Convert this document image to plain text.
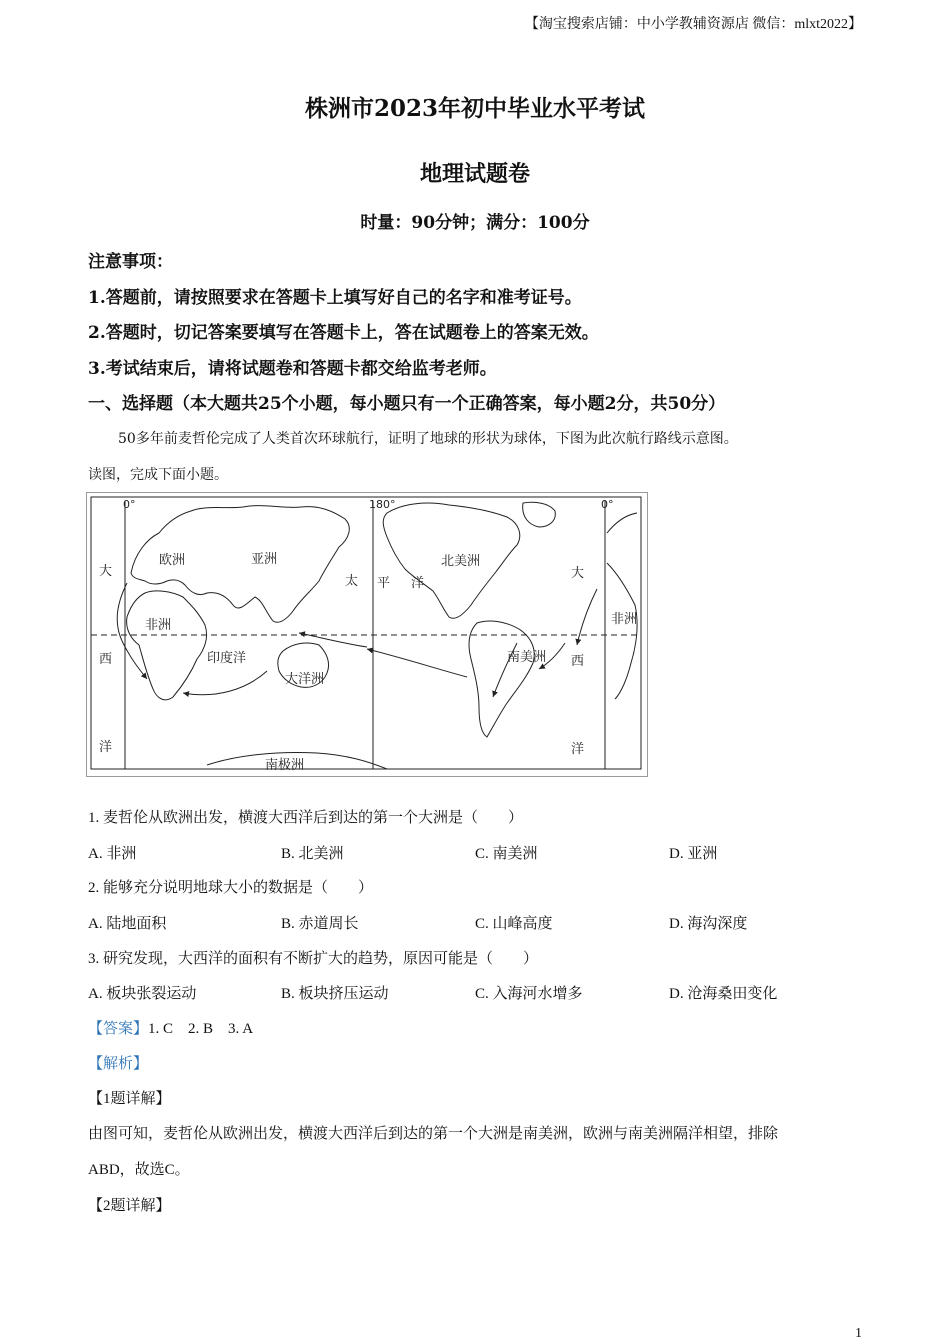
【淘宝搜索店铺：中小学教辅资源店 微信：mlxt2022】
株洲市2023年初中毕业水平考试
地理试题卷
时量：90分钟；满分：100分
注意事项：
1.答题前，请按照要求在答题卡上填写好自己的名字和准考证号。
2.答题时，切记答案要填写在答题卡上，答在试题卷上的答案无效。
3.考试结束后，请将试题卷和答题卡都交给监考老师。
一、选择题（本大题共25个小题，每小题只有一个正确答案，每小题2分，共50分）
50多年前麦哲伦完成了人类首次环球航行，证明了地球的形状为球体，下图为此次航行路线示意图。
读图，完成下面小题。
0°	180°	0°
欧洲	亚洲
非洲	非洲
北美洲
南美洲
大洋洲
南极洲
印度洋
太 平 洋
大
西
洋
大
西
洋
1. 麦哲伦从欧洲出发，横渡大西洋后到达的第一个大洲是（　　）
A. 非洲	B. 北美洲	C. 南美洲	D. 亚洲
2. 能够充分说明地球大小的数据是（　　）
A. 陆地面积	B. 赤道周长	C. 山峰高度	D. 海沟深度
3. 研究发现，大西洋的面积有不断扩大的趋势，原因可能是（　　）
A. 板块张裂运动	B. 板块挤压运动	C. 入海河水增多	D. 沧海桑田变化
【答案】1. C　2. B　3. A
【解析】
【1题详解】
由图可知，麦哲伦从欧洲出发，横渡大西洋后到达的第一个大洲是南美洲，欧洲与南美洲隔洋相望，排除
ABD，故选C。
【2题详解】
1
